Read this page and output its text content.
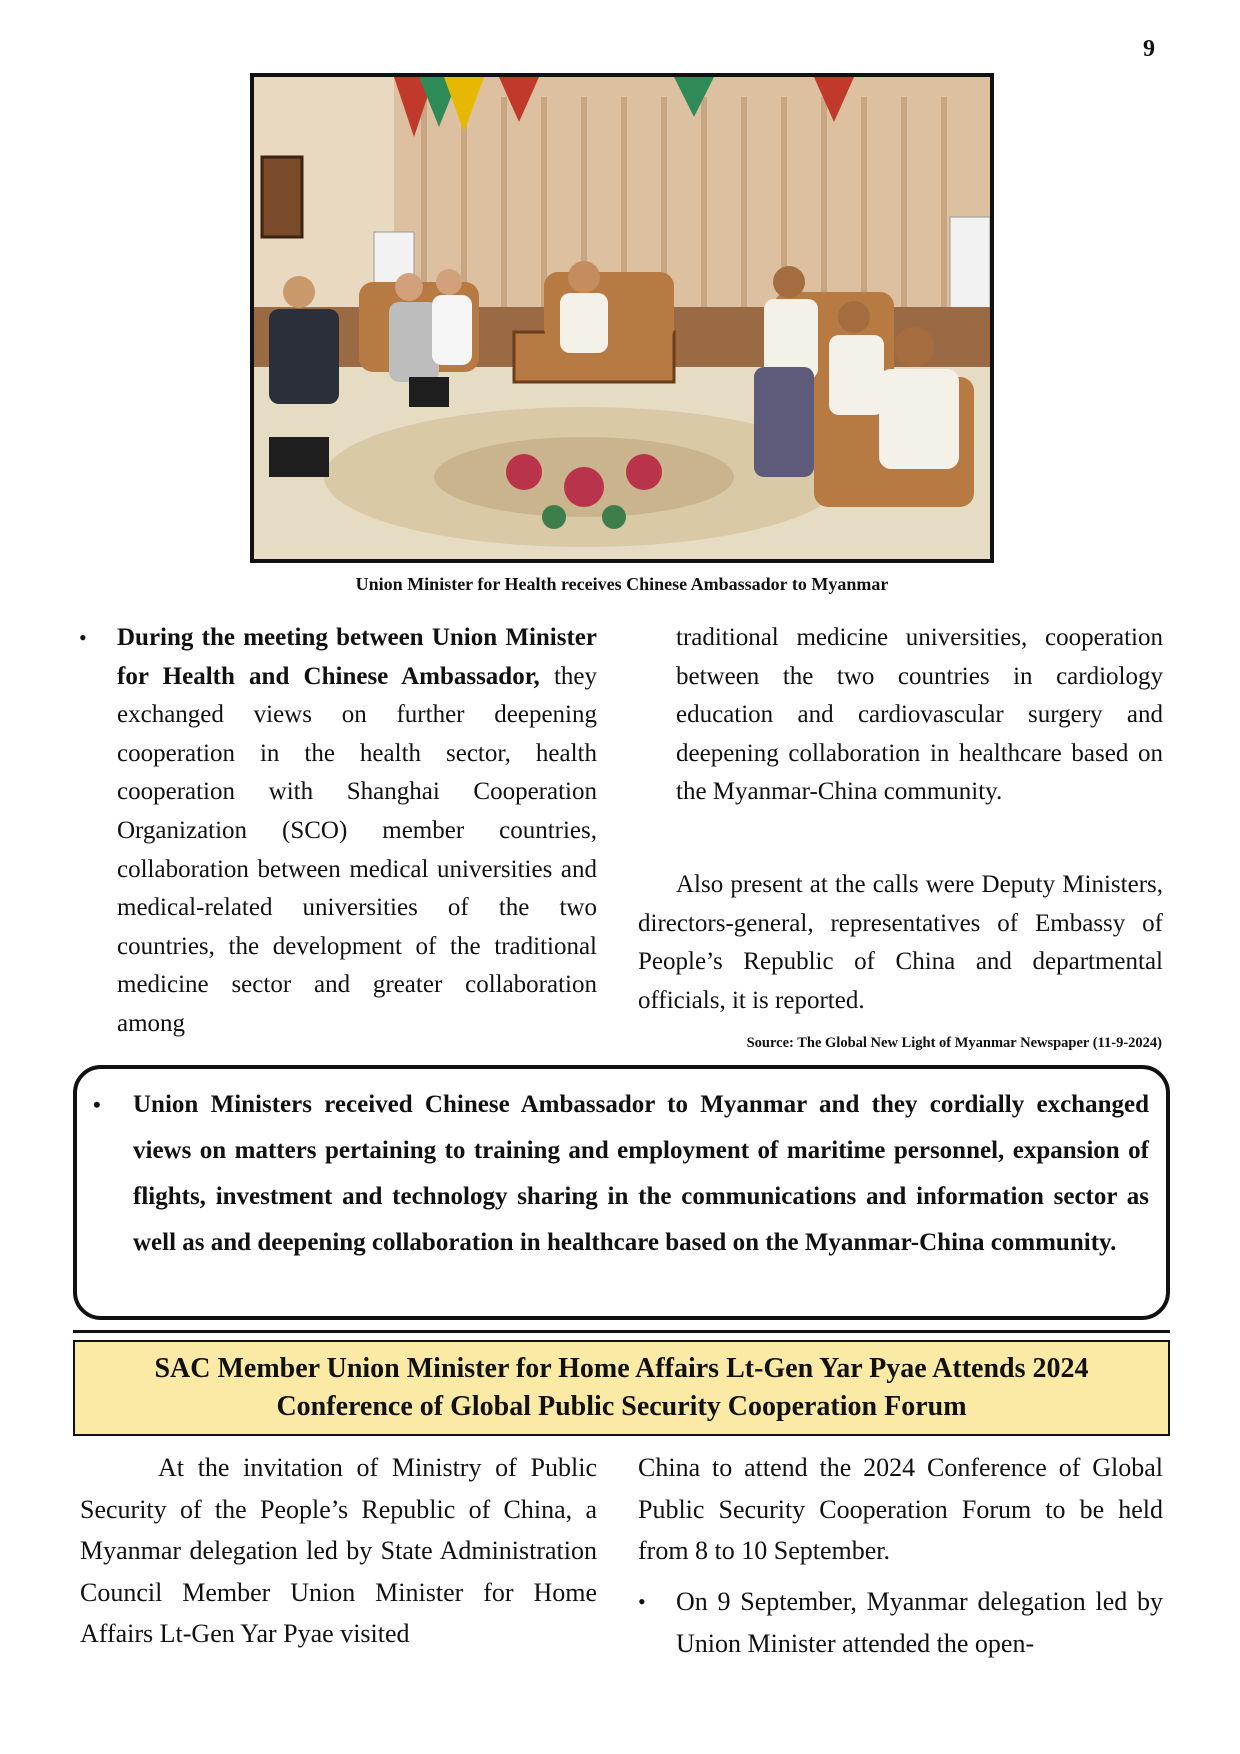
9
Union Minister for Health receives Chinese Ambassador to Myanmar
• During the meeting between Union Minister for Health and Chinese Ambassador, they exchanged views on further deepening cooperation in the health sector, health cooperation with Shanghai Cooperation Organization (SCO) member countries, collaboration between medical universities and medical-related universities of the two countries, the development of the traditional medicine sector and greater collaboration among

traditional medicine universities, cooperation between the two countries in cardiology education and cardiovascular surgery and deepening collaboration in healthcare based on the Myanmar-China community.

Also present at the calls were Deputy Ministers, directors-general, representatives of Embassy of People’s Republic of China and departmental officials, it is reported.

Source: The Global New Light of Myanmar Newspaper (11-9-2024)
• Union Ministers received Chinese Ambassador to Myanmar and they cordially exchanged views on matters pertaining to training and employment of maritime personnel, expansion of flights, investment and technology sharing in the communications and information sector as well as and deepening collaboration in healthcare based on the Myanmar-China community.

SAC Member Union Minister for Home Affairs Lt-Gen Yar Pyae Attends 2024 Conference of Global Public Security Cooperation Forum

At the invitation of Ministry of Public Security of the People’s Republic of China, a Myanmar delegation led by State Administration Council Member Union Minister for Home Affairs Lt-Gen Yar Pyae visited

China to attend the 2024 Conference of Global Public Security Cooperation Forum to be held from 8 to 10 September.

• On 9 September, Myanmar delegation led by Union Minister attended the open-
